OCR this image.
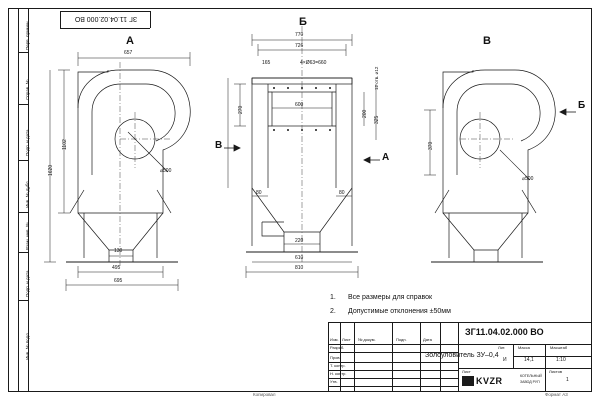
Перв. примен.
Справ. №
Подп. и дата
Инв. № дубл.
Взам. инв. №
Подп. и дата
Инв. № подл.
ЗГ 11.04.02.000 ВО
А
657
1102
1620
130
495
695
⌀500
770
726
165	4×Ø63=660
12 отв. ⌀12
600
270	200
325
80	80
220
610
810
370
⌀500
Б
В
Б
В
А
1. Все размеры для справок
2. Допустимые отклонения ±50мм
ЗГ11.04.02.000 ВО
Золоуловитель ЗУ–0,4
Изм. Лист № докум.	Подп.	Дата
Разраб.
Пров.
Т. контр.
Н. контр.
Утв.
Лит.	Масса	Масштаб
И	14,1	1:10
Лист	Листов
1
KVZR	КОТЕЛЬНЫЙ
ЗАВОД РУП
Копировал	Формат А3
